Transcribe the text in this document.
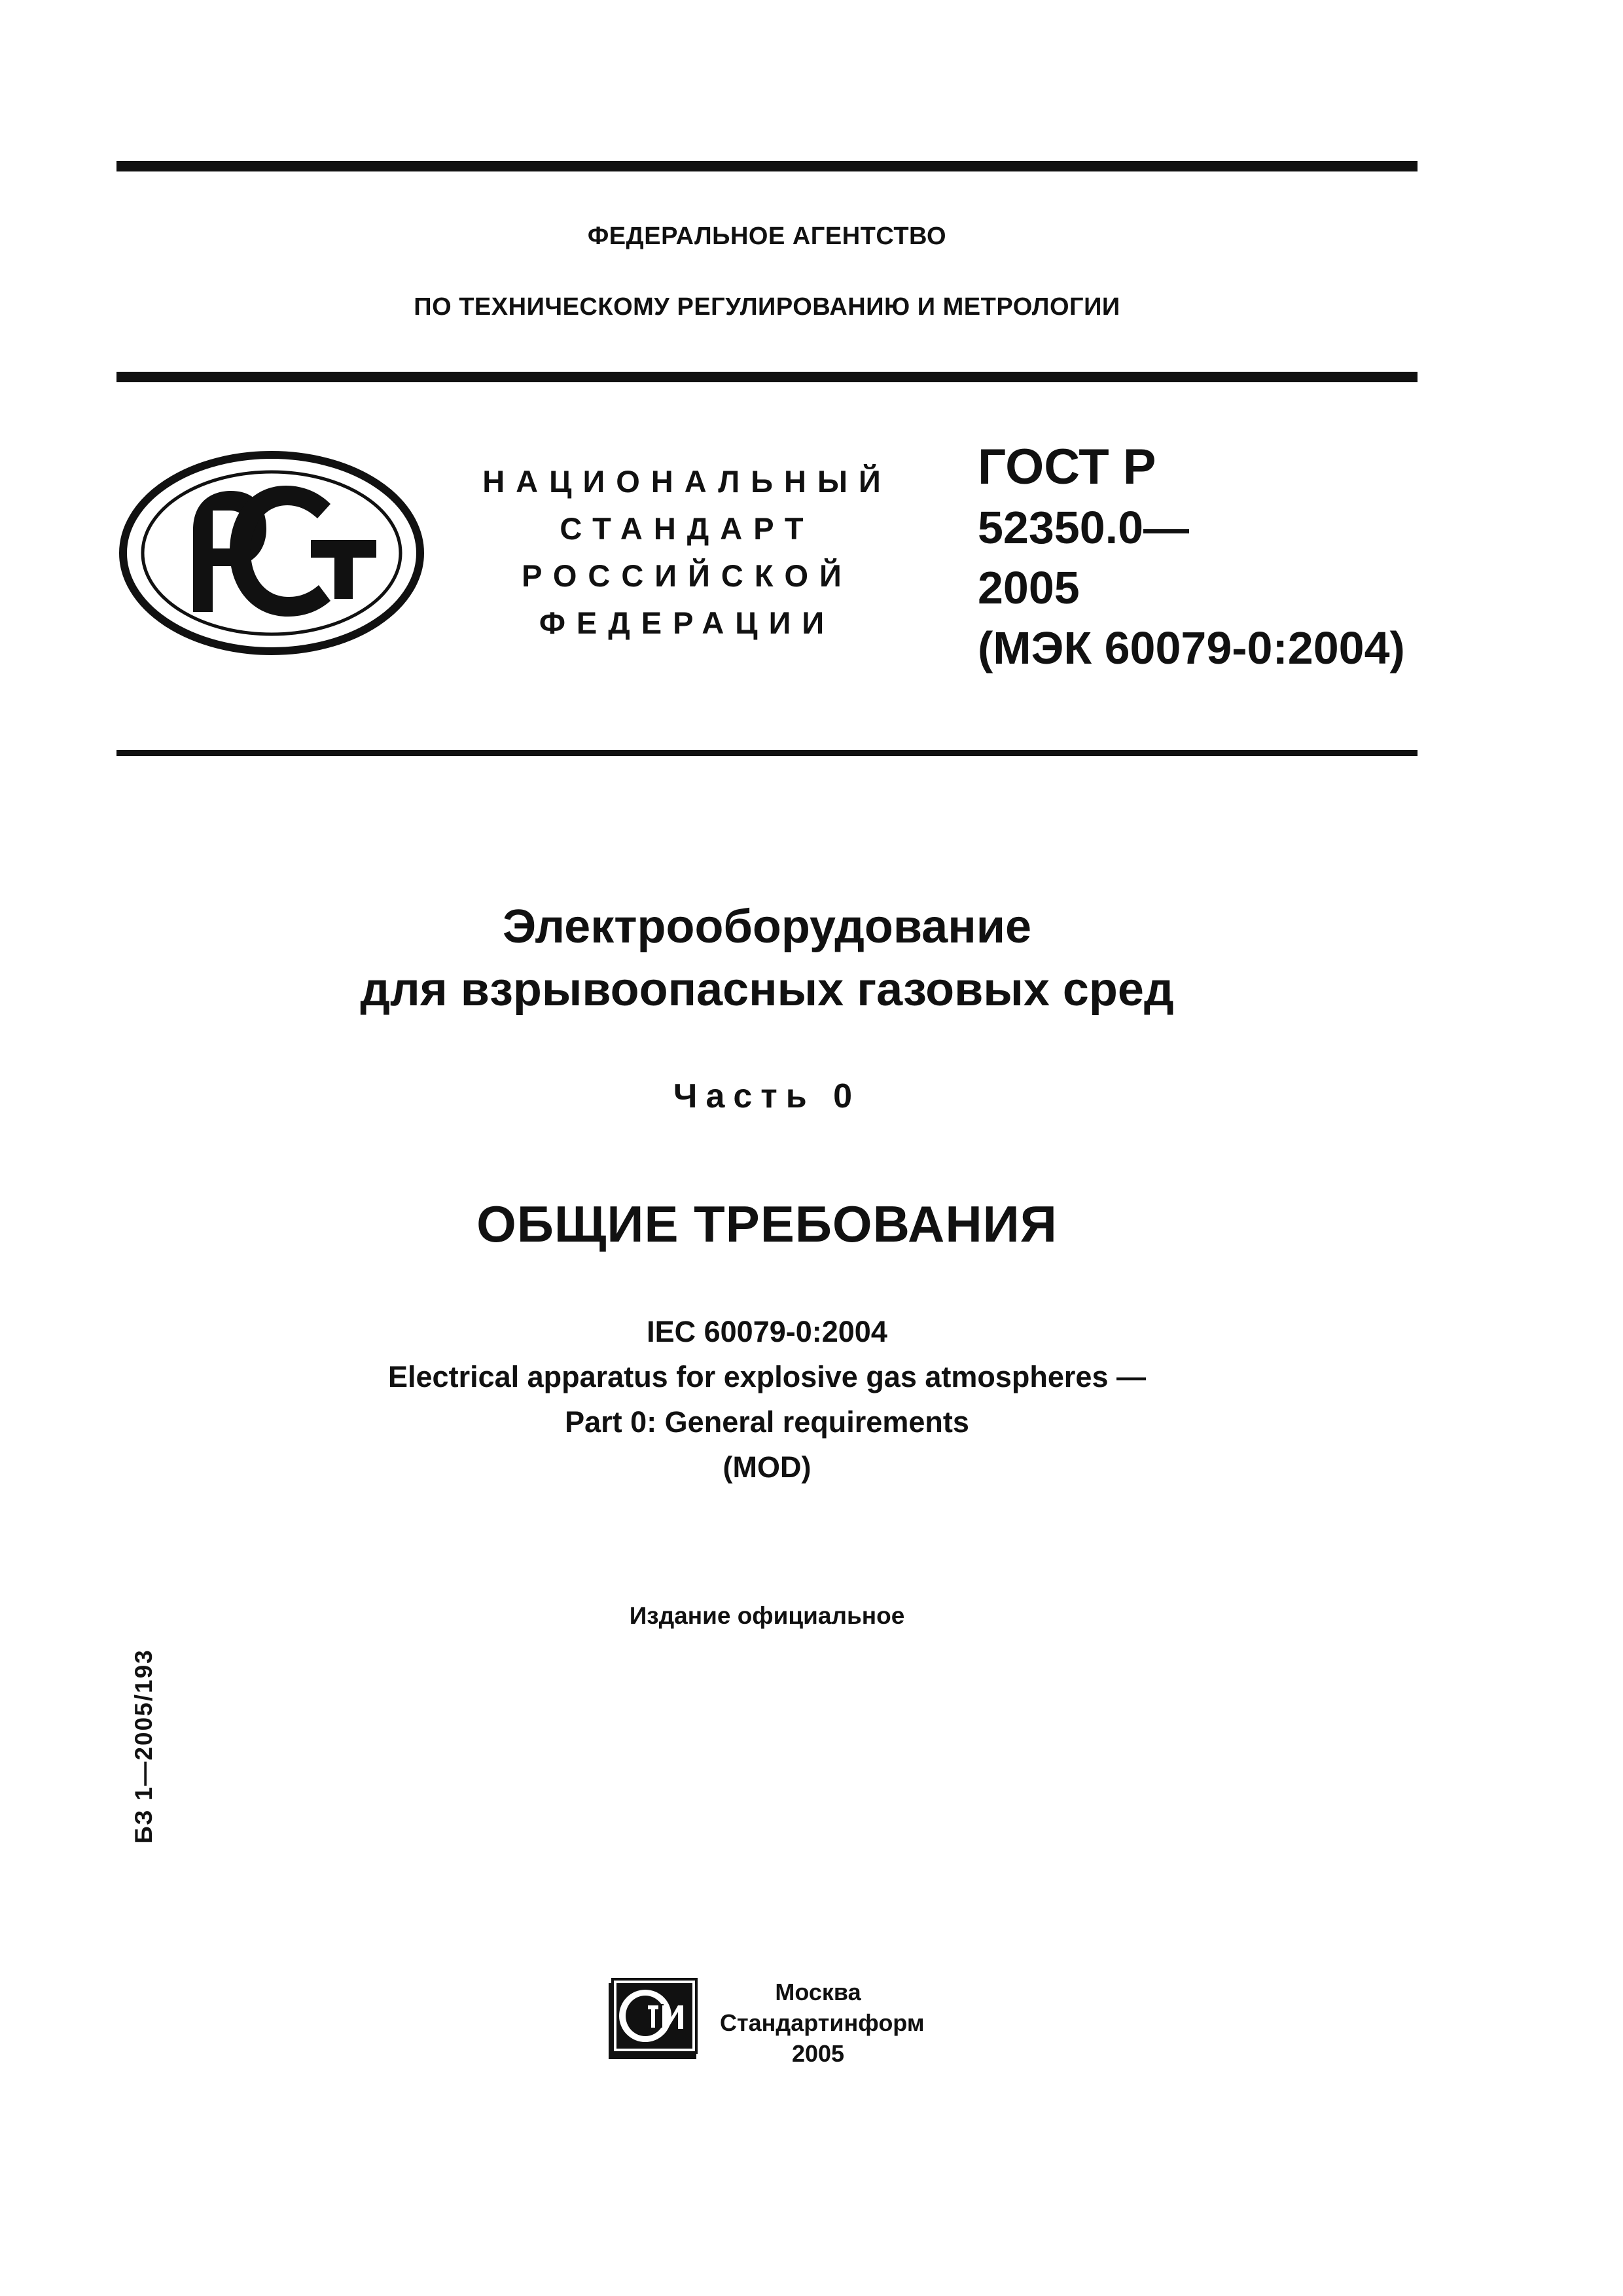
ФЕДЕРАЛЬНОЕ АГЕНТСТВО
ПО ТЕХНИЧЕСКОМУ РЕГУЛИРОВАНИЮ И МЕТРОЛОГИИ
НАЦИОНАЛЬНЫЙ
СТАНДАРТ
РОССИЙСКОЙ
ФЕДЕРАЦИИ
ГОСТ Р
52350.0—
2005
(МЭК 60079-0:2004)
Электрооборудование
для взрывоопасных газовых сред
Часть 0
ОБЩИЕ ТРЕБОВАНИЯ
IEC 60079-0:2004
Electrical apparatus for explosive gas atmospheres —
Part 0: General requirements
(MOD)
Издание официальное
БЗ 1—2005/193
Москва
Стандартинформ
2005
